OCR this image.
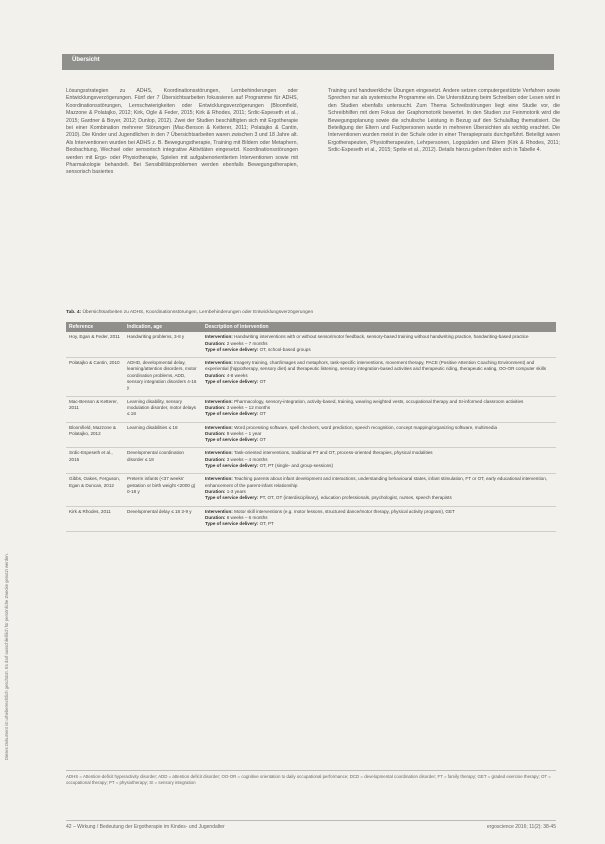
Dieses Dokument ist urheberrechtlich geschützt. Es darf ausschließlich für persönliche Zwecke genutzt werden.
Übersicht
Lösungsstrategien zu ADHS, Koordinationsstörungen, Lernbehinderungen oder Entwicklungsverzögerungen. Fünf der 7 Übersichtsarbeiten fokussieren auf Programme für ADHS, Koordinationsstörungen, Lernschwierigkeiten oder Entwicklungsverzögerungen (Bloomfield, Mazzone & Polatajko, 2012; Kirk, Ogle & Feder, 2015; Kirk & Rhodes, 2011; Srdic-Espeseth et al., 2015; Gardner & Boyer, 2012; Dunlop, 2012). Zwei der Studien beschäftigten sich mit Ergotherapie bei einer Kombination mehrerer Störungen (Mac-Benson & Ketterer, 2011; Polatajko & Cantin, 2010). Die Kinder und Jugendlichen in den 7 Übersichtsarbeiten waren zwischen 3 und 18 Jahre alt. Als Interventionen wurden bei ADHS z. B. Bewegungstherapie, Training mit Bildern oder Metaphern, Beobachtung, Wechsel oder sensorisch integrative Aktivitäten eingesetzt. Koordinationsstörungen werden mit Ergo- oder Physiotherapie, Spielen mit aufgabenorientierten Interventionen sowie mit Pharmakologie behandelt. Bei Sensibilitätsproblemen werden ebenfalls Bewegungstherapien, sensorisch basiertes
Training und handwerkliche Übungen eingesetzt. Andere setzen computergestützte Verfahren sowie Sprechen nur als systemische Programme ein. Die Unterstützung beim Schreiben oder Lesen wird in den Studien ebenfalls untersucht. Zum Thema Schreibstörungen liegt eine Studie vor, die Schreibhilfen mit dem Fokus der Graphomotorik bewertet. In den Studien zur Feinmotorik wird die Bewegungsplanung sowie die schulische Leistung in Bezug auf den Schulalltag thematisiert. Die Beteiligung der Eltern und Fachpersonen wurde in mehreren Übersichten als wichtig erachtet. Die Interventionen wurden meist in der Schule oder in einer Therapiepraxis durchgeführt. Beteiligt waren Ergotherapeuten, Physiotherapeuten, Lehrpersonen, Logopäden und Eltern (Kirk & Rhodes, 2011; Srdic-Espeseth et al., 2015; Sprite et al., 2012). Details hierzu geben finden sich in Tabelle 4.
Tab. 4: Übersichtsarbeiten zu ADHS, Koordinationsstörungen, Lernbehinderungen oder Entwicklungsverzögerungen
Reference	Indication, age	Description of intervention
Hoy, Egan & Feder, 2011	Handwriting problems, 3-8 y	Intervention: Handwriting interventions with or without sensorimotor feedback, sensory-based training without handwriting practice, handwriting-based practice
Duration: 2 weeks – 7 months
Type of service delivery: OT, school-based groups

Polatajko & Cantin, 2010	ADHD, developmental delay, learning/attention disorders, motor coordination problems, ADD, sensory integration disorders 4-16 y	Intervention: Imagery training, chart/images and metaphors, task-specific interventions, movement therapy, PACE (Positive Attention Coaching Environment) and experiential (hippotherapy, sensory diet) and therapeutic listening, sensory integration-based activities and therapeutic riding, therapeutic eating, OO-OR computer skills
Duration: 4-8 weeks
Type of service delivery: OT

Mac-Benson & Ketterer, 2011	Learning disability, sensory modulation disorder, motor delays ≤ 18	Intervention: Pharmacology, sensory-integration, activity-based, training, wearing weighted vests, occupational therapy and SI-informed classroom activities
Duration: 3 weeks – 12 months
Type of service delivery: OT

Bloomfield, Mazzone & Polatajko, 2012	Learning disabilities ≤ 18	Intervention: Word processing software, spell checkers, word prediction, speech recognition, concept mapping/organizing software, multimedia
Duration: 8 weeks – 1 year
Type of service delivery: OT

Srdic-Espeseth et al., 2015	Developmental coordination disorder ≤ 18	Intervention: Task-oriented interventions, traditional PT and OT, process-oriented therapies, physical modalities
Duration: 3 weeks – 4 months
Type of service delivery: OT, PT (single- and group-sessions)

Gibbs, Oakes, Ferguson, Egan & Duncan, 2012	Preterm infants (<37 weeks' gestation or birth weight <2000 g) 0-18 y	Intervention: Teaching parents about infant development and interactions, understanding behavioural states, infant stimulation, FT or OT, early educational intervention, enhancement of the parent-infant relationship
Duration: 1-3 years
Type of service delivery: PT, OT, OT (interdisciplinary), education professionals, psychologist, nurses, speech therapists

Kirk & Rhodes, 2011	Developmental delay ≤ 18 3-9 y	Intervention: Motor skill interventions (e.g. motor lessons, structured dance/motor therapy, physical activity program), GET
Duration: 6 weeks – 6 months
Type of service delivery: OT, PT
ADHS = Attention-deficit hyperactivity disorder; ADD = attention deficit disorder; OO-OR = cognitive orientation to daily occupational performance; DCD = developmental coordination disorder; FT = family therapy; GET = graded exercise therapy; OT = occupational therapy; PT = physiotherapy; SI = sensory integration
42 – Wirkung / Bedeutung der Ergotherapie im Kindes- und Jugendalter	ergoscience 2016; 11(2): 38-45
